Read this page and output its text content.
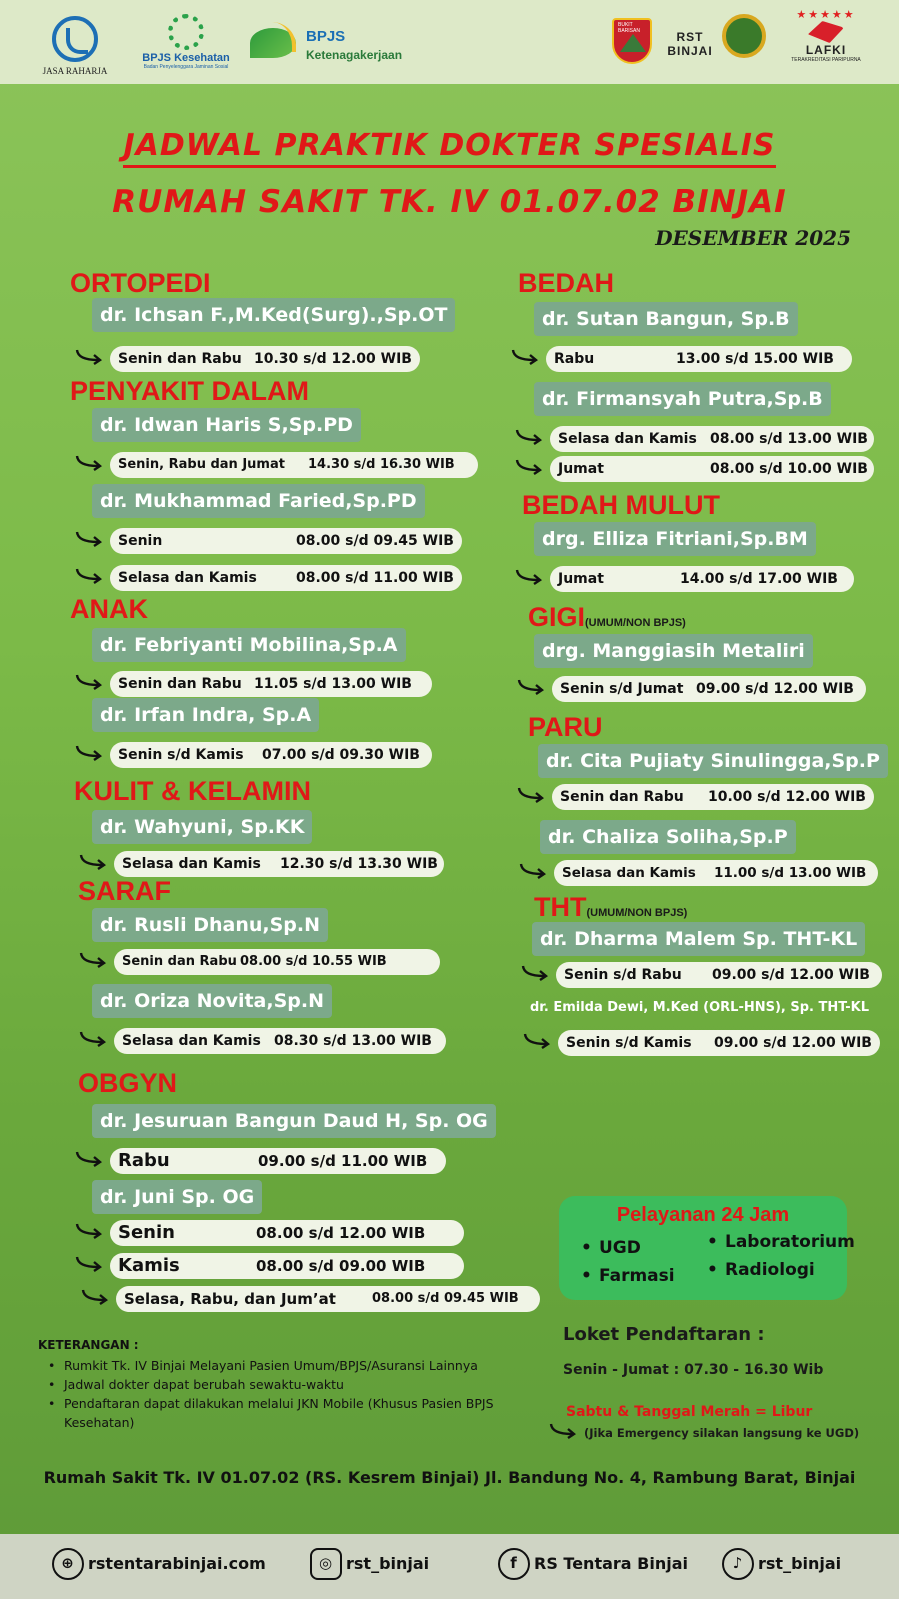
JASA RAHARJA
BPJS Kesehatan
Badan Penyelenggara Jaminan Sosial
BPJS
Ketenagakerjaan
BUKIT BARISAN	RST
BINJAI
★★★★★
LAFKI
TERAKREDITASI PARIPURNA
JADWAL PRAKTIK DOKTER SPESIALIS
RUMAH SAKIT TK. IV 01.07.02 BINJAI
DESEMBER 2025
ORTOPEDI
dr. Ichsan F.,M.Ked(Surg).,Sp.OT
Senin dan Rabu 10.30 s/d 12.00 WIB
PENYAKIT DALAM
dr. Idwan Haris S,Sp.PD
Senin, Rabu dan Jumat 14.30 s/d 16.30 WIB
dr. Mukhammad Faried,Sp.PD
Senin	08.00 s/d 09.45 WIB
Selasa dan Kamis	08.00 s/d 11.00 WIB
ANAK
dr. Febriyanti Mobilina,Sp.A
Senin dan Rabu 11.05 s/d 13.00 WIB
dr. Irfan Indra, Sp.A
Senin s/d Kamis 07.00 s/d 09.30 WIB
KULIT & KELAMIN
dr. Wahyuni, Sp.KK
Selasa dan Kamis 12.30 s/d 13.30 WIB
SARAF
dr. Rusli Dhanu,Sp.N
Senin dan Rabu 08.00 s/d 10.55 WIB
dr. Oriza Novita,Sp.N
Selasa dan Kamis 08.30 s/d 13.00 WIB
OBGYN
dr. Jesuruan Bangun Daud H, Sp. OG
Rabu	09.00 s/d 11.00 WIB
dr. Juni Sp. OG
Senin	08.00 s/d 12.00 WIB
Kamis	08.00 s/d 09.00 WIB
Selasa, Rabu, dan Jum’at	08.00 s/d 09.45 WIB
BEDAH
dr. Sutan Bangun, Sp.B
Rabu	13.00 s/d 15.00 WIB
dr. Firmansyah Putra,Sp.B
Selasa dan Kamis 08.00 s/d 13.00 WIB
Jumat	08.00 s/d 10.00 WIB
BEDAH MULUT
drg. Elliza Fitriani,Sp.BM
Jumat	14.00 s/d 17.00 WIB
GIGI(UMUM/NON BPJS)
drg. Manggiasih Metaliri
Senin s/d Jumat 09.00 s/d 12.00 WIB
PARU
dr. Cita Pujiaty Sinulingga,Sp.P
Senin dan Rabu 10.00 s/d 12.00 WIB
dr. Chaliza Soliha,Sp.P
Selasa dan Kamis 11.00 s/d 13.00 WIB
THT(UMUM/NON BPJS)
dr. Dharma Malem Sp. THT-KL
Senin s/d Rabu 09.00 s/d 12.00 WIB
dr. Emilda Dewi, M.Ked (ORL-HNS), Sp. THT-KL
Senin s/d Kamis 09.00 s/d 12.00 WIB
Pelayanan 24 Jam
• UGD
• Farmasi
• Laboratorium
• Radiologi
Loket Pendaftaran :
Senin - Jumat : 07.30 - 16.30 Wib
Sabtu & Tanggal Merah = Libur
(Jika Emergency silakan langsung ke UGD)
KETERANGAN :
• Rumkit Tk. IV Binjai Melayani Pasien Umum/BPJS/Asuransi Lainnya
• Jadwal dokter dapat berubah sewaktu-waktu
• Pendaftaran dapat dilakukan melalui JKN Mobile (Khusus Pasien BPJS Kesehatan)
Rumah Sakit Tk. IV 01.07.02 (RS. Kesrem Binjai) Jl. Bandung No. 4, Rambung Barat, Binjai
⊕ rstentarabinjai.com	◎ rst_binjai	f	RS Tentara Binjai	♪ rst_binjai
